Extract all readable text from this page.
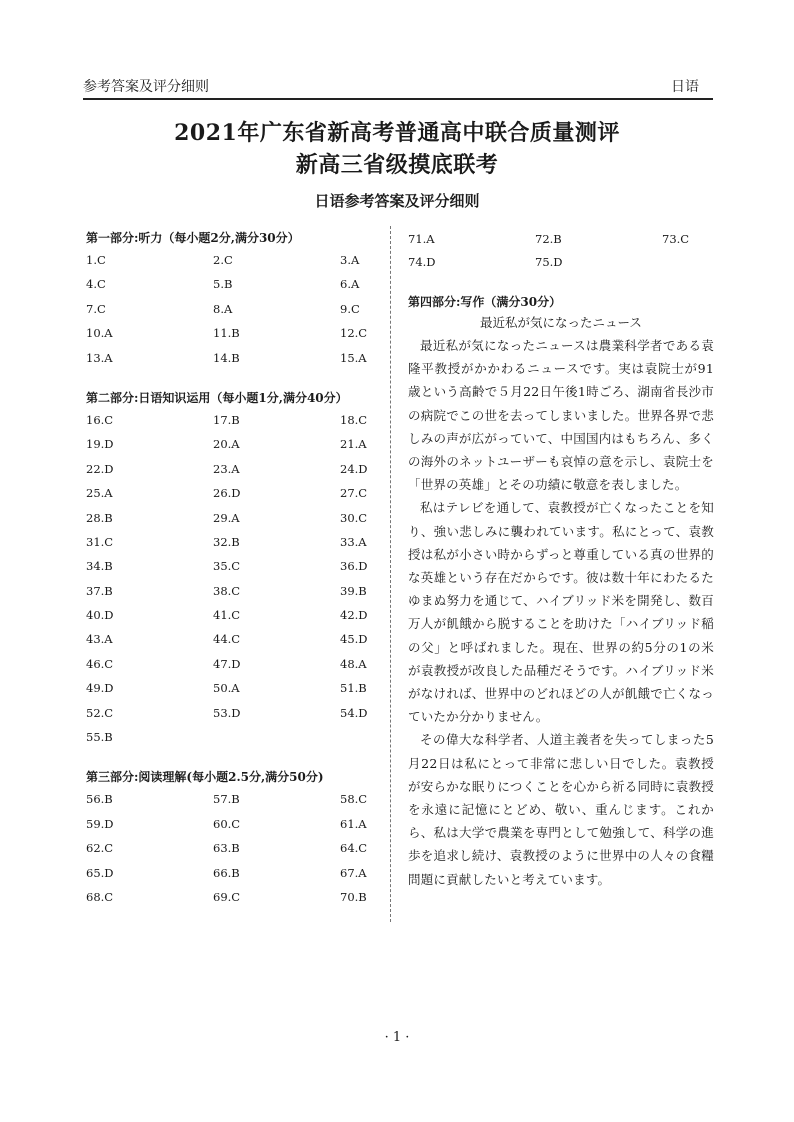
参考答案及评分细则	日语
2021年广东省新高考普通高中联合质量测评
新高三省级摸底联考
日语参考答案及评分细则
第一部分:听力（每小题2分,满分30分）
1.C	2.C	3.A
4.C	5.B	6.A
7.C	8.A	9.C
10.A	11.B	12.C
13.A	14.B	15.A
第二部分:日语知识运用（每小题1分,满分40分）
16.C	17.B	18.C
19.D	20.A	21.A
22.D	23.A	24.D
25.A	26.D	27.C
28.B	29.A	30.C
31.C	32.B	33.A
34.B	35.C	36.D
37.B	38.C	39.B
40.D	41.C	42.D
43.A	44.C	45.D
46.C	47.D	48.A
49.D	50.A	51.B
52.C	53.D	54.D
55.B
第三部分:阅读理解(每小题2.5分,满分50分)
56.B	57.B	58.C
59.D	60.C	61.A
62.C	63.B	64.C
65.D	66.B	67.A
68.C	69.C	70.B
71.A	72.B	73.C
74.D	75.D
第四部分:写作（满分30分）
最近私が気になったニュース

最近私が気になったニュースは農業科学者である袁隆平教授がかかわるニュースです。実は袁院士が91歳という高齢で５月22日午後1時ごろ、湖南省長沙市の病院でこの世を去ってしまいました。世界各界で悲しみの声が広がっていて、中国国内はもちろん、多くの海外のネットユーザーも哀悼の意を示し、袁院士を「世界の英雄」とその功績に敬意を表しました。

私はテレビを通して、袁教授が亡くなったことを知り、強い悲しみに襲われています。私にとって、袁教授は私が小さい時からずっと尊重している真の世界的な英雄という存在だからです。彼は数十年にわたるたゆまぬ努力を通じて、ハイブリッド米を開発し、数百万人が飢餓から脱することを助けた「ハイブリッド稲の父」と呼ばれました。現在、世界の約5分の1の米が袁教授が改良した品種だそうです。ハイブリッド米がなければ、世界中のどれほどの人が飢餓で亡くなっていたか分かりません。

その偉大な科学者、人道主義者を失ってしまった5月22日は私にとって非常に悲しい日でした。袁教授が安らかな眠りにつくことを心から祈る同時に袁教授を永遠に記憶にとどめ、敬い、重んじます。これから、私は大学で農業を専門として勉強して、科学の進歩を追求し続け、袁教授のように世界中の人々の食糧問題に貢献したいと考えています。

· 1 ·
